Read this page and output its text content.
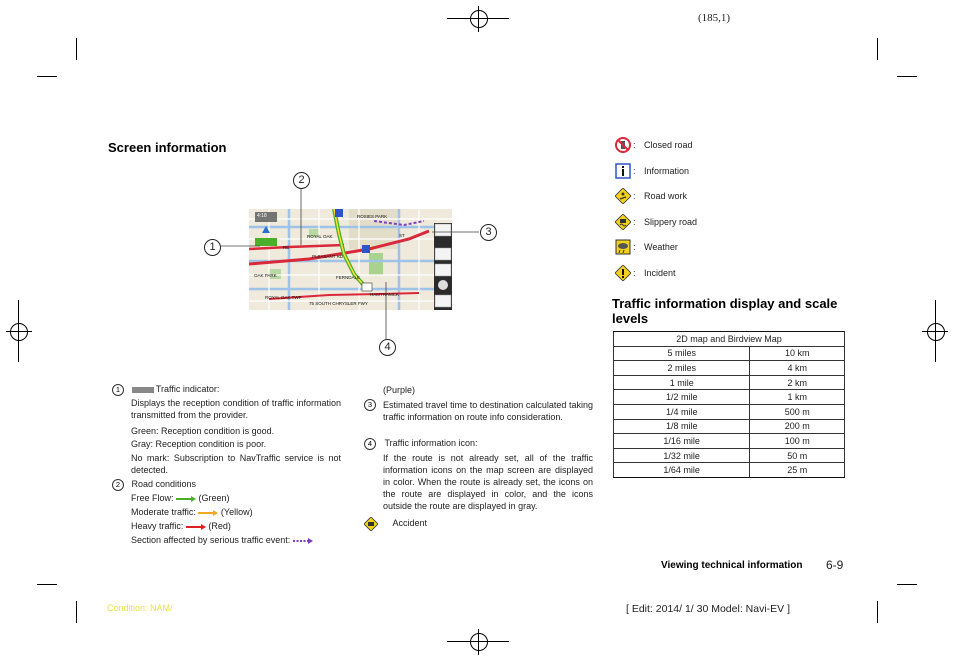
(185,1)
Screen information
4:18	ROSIES PARK
ROYAL OAK	ST
PLEASANT RD
OAK PARK	FERNDALE
ROYAL OAK TWP
HAMTRAMCK
75 SOUTH CHRYSLER FWY
RE
2
1
3
4
1	Traffic indicator:
Displays the reception condition of traffic information transmitted from the provider.
Green: Reception condition is good.
Gray: Reception condition is poor.
No mark: Subscription to NavTraffic service is not detected.
2 Road conditions
Free Flow:	(Green)
Moderate traffic:	(Yellow)
Heavy traffic:	(Red)
Section affected by serious traffic event:
(Purple)
3	Estimated travel time to destination calculated taking traffic information on route info consideration.
4 Traffic information icon:
If the route is not already set, all of the traffic information icons on the map screen are displayed in color. When the route is already set, the icons on the route are displayed in color, and the icons outside the route are displayed in gray.
Accident
: Closed road
: Information
: Road work
: Slippery road
: Weather
: Incident
Traffic information display and scale levels
2D map and Birdview Map	
5 miles	10 km
2 miles	4 km
1 mile	2 km
1/2 mile	1 km
1/4 mile	500 m
1/8 mile	200 m
1/16 mile	100 m
1/32 mile	50 m
1/64 mile	25 m
Viewing technical information 6-9
Condition: NAM/	[ Edit: 2014/ 1/ 30 Model: Navi-EV ]
